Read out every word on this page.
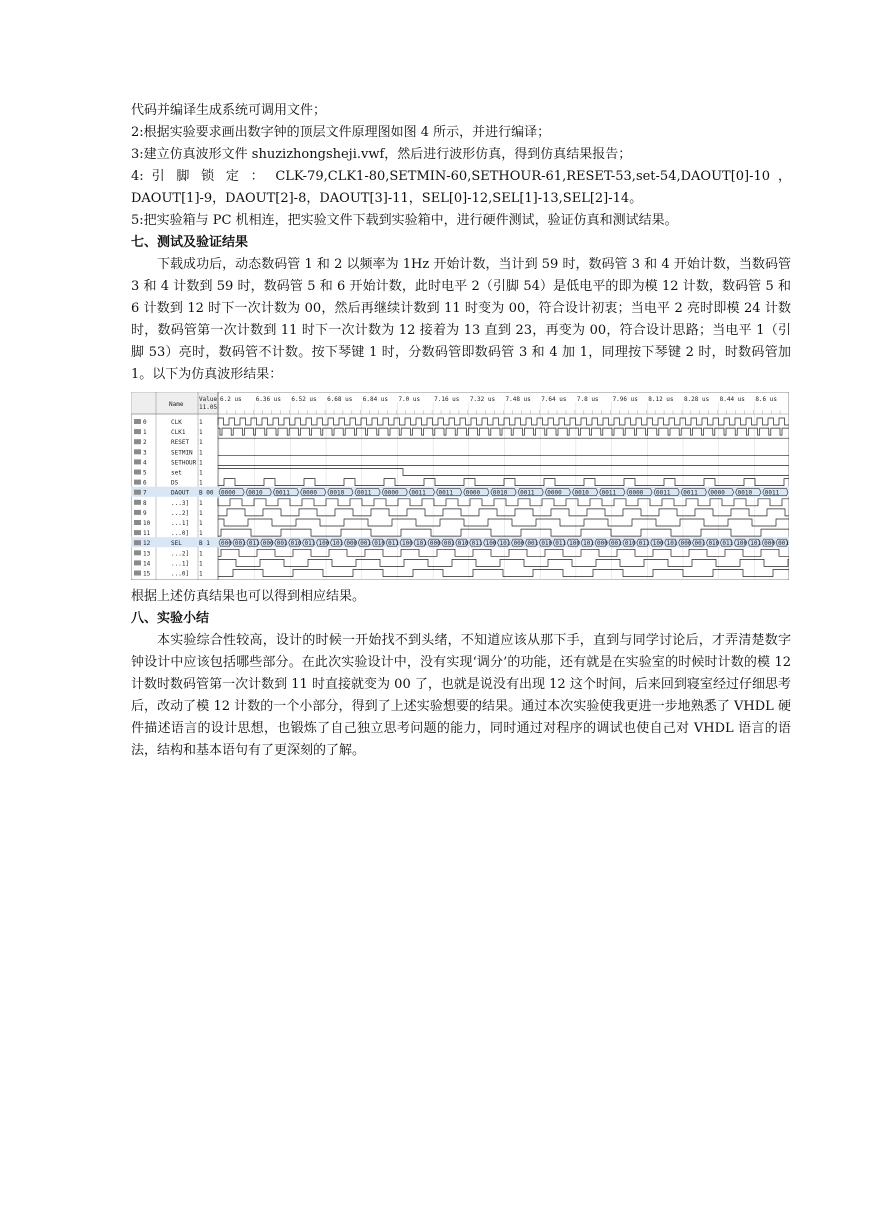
代码并编译生成系统可调用文件；

2:根据实验要求画出数字钟的顶层文件原理图如图 4 所示，并进行编译；

3:建立仿真波形文件 shuzizhongsheji.vwf，然后进行波形仿真，得到仿真结果报告；

4: 引 脚 锁 定 ： CLK-79,CLK1-80,SETMIN-60,SETHOUR-61,RESET-53,set-54,DAOUT[0]-10 ，

DAOUT[1]-9，DAOUT[2]-8，DAOUT[3]-11，SEL[0]-12,SEL[1]-13,SEL[2]-14。

5:把实验箱与 PC 机相连，把实验文件下载到实验箱中，进行硬件测试，验证仿真和测试结果。

七、测试及验证结果

下载成功后，动态数码管 1 和 2 以频率为 1Hz 开始计数，当计到 59 时，数码管 3 和 4 开始计数，当数码管 3 和 4 计数到 59 时，数码管 5 和 6 开始计数，此时电平 2（引脚 54）是低电平的即为模 12 计数，数码管 5 和 6 计数到 12 时下一次计数为 00，然后再继续计数到 11 时变为 00，符合设计初衷；当电平 2 亮时即模 24 计数时，数码管第一次计数到 11 时下一次计数为 12 接着为 13 直到 23，再变为 00，符合设计思路；当电平 1（引脚 53）亮时，数码管不计数。按下琴键 1 时，分数码管即数码管 3 和 4 加 1，同理按下琴键 2 时，时数码管加 1。以下为仿真波形结果：

Name
Value
11.05
6.2 us 6.36 us 6.52 us 6.68 us 6.84 us 7.0 us 7.16 us 7.32 us 7.48 us 7.64 us 7.8 us 7.96 us 8.12 us 8.28 us 8.44 us 8.6 us
0	CLK	1
1	CLK1 1
2	RESET 1
3	SETMIN 1
4	SETHOUR 1
5	set	1
6	DS	1
7	DAOUT B 00
8	...3] 1
9	...2] 1
10	...1] 1
11	...0] 1
12	SEL	B 1
13	...2] 1
14	...1] 1
15	...0] 1
0000 0010 0011 0000 0010 0011 0000 0011 0011 0000 0010 0011 0000 0010 0011 0000 0011 0011 0000 0010 0011
000 001 011 000 001 010 011 100 101 000 001 010 011 100 101 000 001 010 011 100 101 000 001 010 011 100 101 000 001 010 011 100 101 000 001 010 011 100 101 000 001

根据上述仿真结果也可以得到相应结果。

八、实验小结

本实验综合性较高，设计的时候一开始找不到头绪，不知道应该从那下手，直到与同学讨论后，才弄清楚数字钟设计中应该包括哪些部分。在此次实验设计中，没有实现‘调分’的功能，还有就是在实验室的时候时计数的模 12 计数时数码管第一次计数到 11 时直接就变为 00 了，也就是说没有出现 12 这个时间，后来回到寝室经过仔细思考后，改动了模 12 计数的一个小部分，得到了上述实验想要的结果。通过本次实验使我更进一步地熟悉了 VHDL 硬件描述语言的设计思想，也锻炼了自己独立思考问题的能力，同时通过对程序的调试也使自己对 VHDL 语言的语法，结构和基本语句有了更深刻的了解。
